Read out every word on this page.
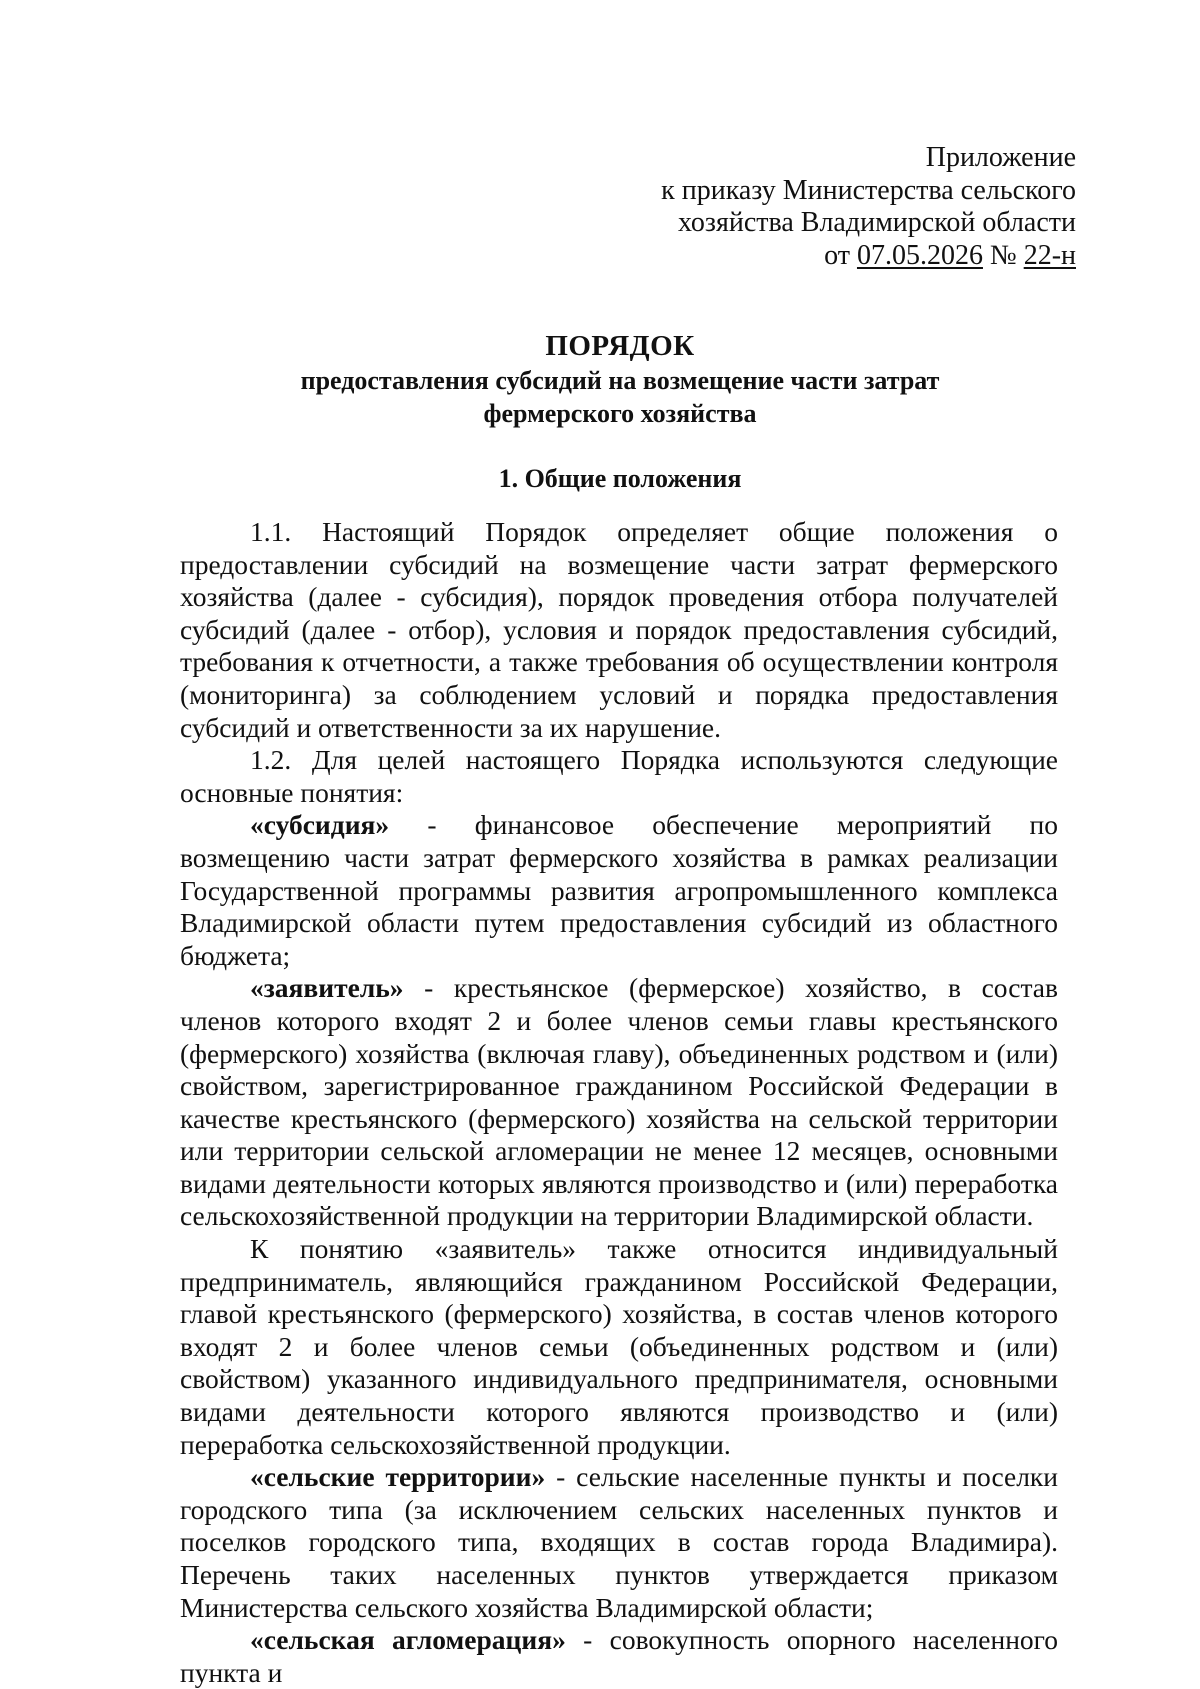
Приложение
к приказу Министерства сельского
хозяйства Владимирской области
от 07.05.2026 № 22-н
ПОРЯДОК
предоставления субсидий на возмещение части затрат
фермерского хозяйства
1. Общие положения

1.1. Настоящий Порядок определяет общие положения о предоставлении субсидий на возмещение части затрат фермерского хозяйства (далее - субсидия), порядок проведения отбора получателей субсидий (далее - отбор), условия и порядок предоставления субсидий, требования к отчетности, а также требования об осуществлении контроля (мониторинга) за соблюдением условий и порядка предоставления субсидий и ответственности за их нарушение.

1.2. Для целей настоящего Порядка используются следующие основные понятия:

«субсидия» - финансовое обеспечение мероприятий по возмещению части затрат фермерского хозяйства в рамках реализации Государственной программы развития агропромышленного комплекса Владимирской области путем предоставления субсидий из областного бюджета;

«заявитель» - крестьянское (фермерское) хозяйство, в состав членов которого входят 2 и более членов семьи главы крестьянского (фермерского) хозяйства (включая главу), объединенных родством и (или) свойством, зарегистрированное гражданином Российской Федерации в качестве крестьянского (фермерского) хозяйства на сельской территории или территории сельской агломерации не менее 12 месяцев, основными видами деятельности которых являются производство и (или) переработка сельскохозяйственной продукции на территории Владимирской области.

К понятию «заявитель» также относится индивидуальный предприниматель, являющийся гражданином Российской Федерации, главой крестьянского (фермерского) хозяйства, в состав членов которого входят 2 и более членов семьи (объединенных родством и (или) свойством) указанного индивидуального предпринимателя, основными видами деятельности которого являются производство и (или) переработка сельскохозяйственной продукции.

«сельские территории» - сельские населенные пункты и поселки городского типа (за исключением сельских населенных пунктов и поселков городского типа, входящих в состав города Владимира). Перечень таких населенных пунктов утверждается приказом Министерства сельского хозяйства Владимирской области;

«сельская агломерация» - совокупность опорного населенного пункта и
